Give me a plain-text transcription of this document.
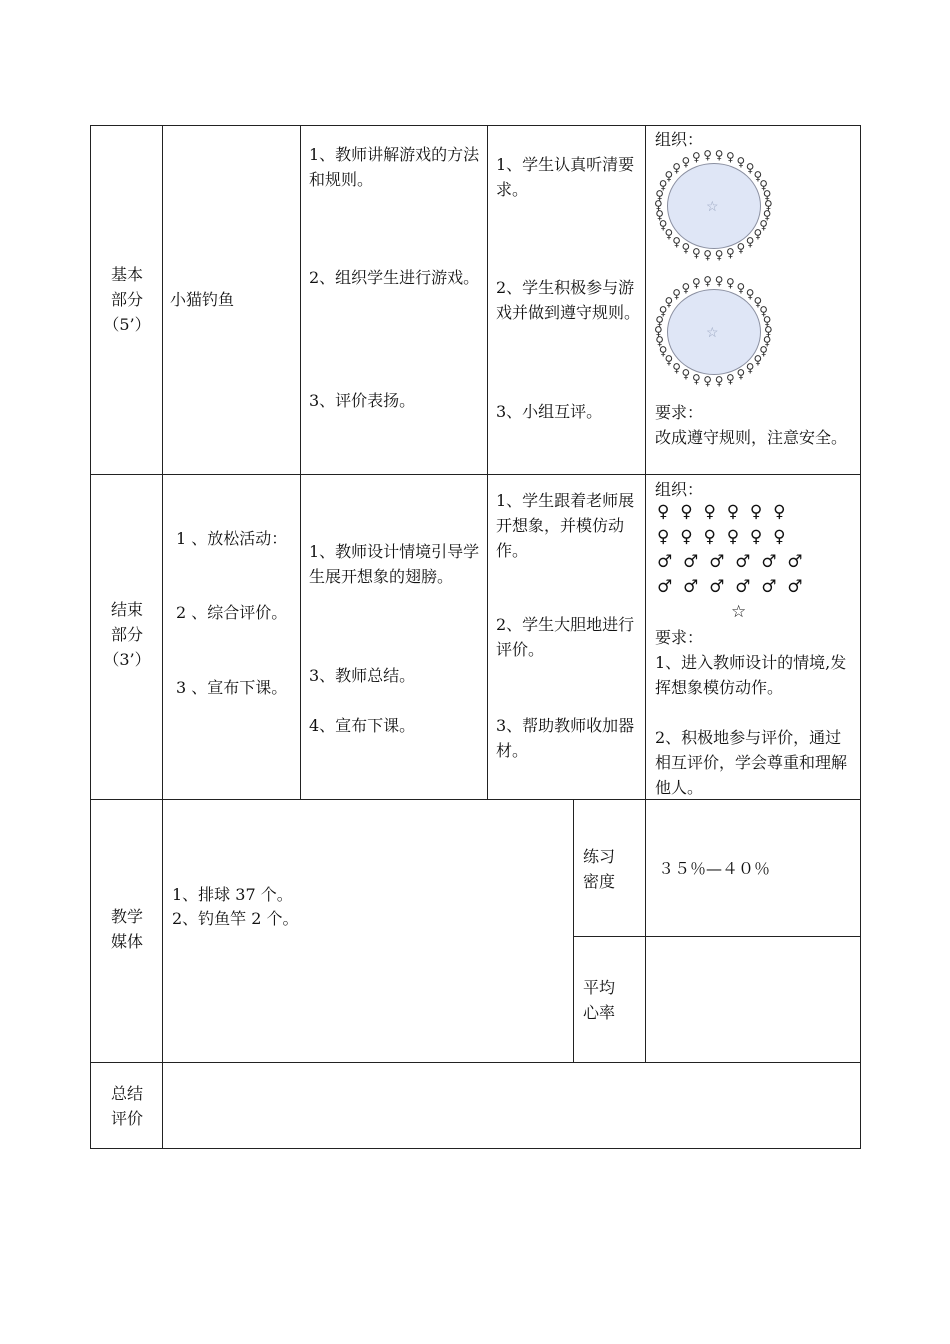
基本
部分
（5’）
小猫钓鱼
1、教师讲解游戏的方法和规则。
2、组织学生进行游戏。
3、评价表扬。
1、学生认真听清要求。
2、学生积极参与游戏并做到遵守规则。
3、小组互评。
组织：
☆	♀
♀
♀
♀
♀
♀
♀
♀
♀
♀
♀
♀
♀
♀
♀
♀
♀
♀
♀
♀ ♀ ♀ ♀ ♀ ♀ ♀ ♀
♀
♀
♀
☆	♀
♀
♀
♀
♀
♀
♀
♀
♀
♀
♀
♀
♀
♀
♀
♀
♀
♀
♀
♀ ♀ ♀ ♀ ♀ ♀ ♀ ♀
♀
♀
♀
要求：
改成遵守规则，注意安全。
结束
部分
（3’）
1 、放松活动：
2 、综合评价。
3 、宣布下课。
1、教师设计情境引导学生展开想象的翅膀。
3、教师总结。
4、宣布下课。
1、学生跟着老师展开想象，并模仿动作。
2、学生大胆地进行评价。
3、帮助教师收加器材。
组织：
♀  ♀  ♀  ♀  ♀  ♀
♀  ♀  ♀  ♀  ♀  ♀
♂  ♂  ♂  ♂  ♂  ♂
♂  ♂  ♂  ♂  ♂  ♂
☆
要求：
1、进入教师设计的情境,发挥想象模仿动作。
2、积极地参与评价，通过相互评价，学会尊重和理解他人。
教学
媒体
1、排球 37 个。
2、钓鱼竿 2 个。
练习
密度
３５％—４０％
平均
心率
总结
评价
